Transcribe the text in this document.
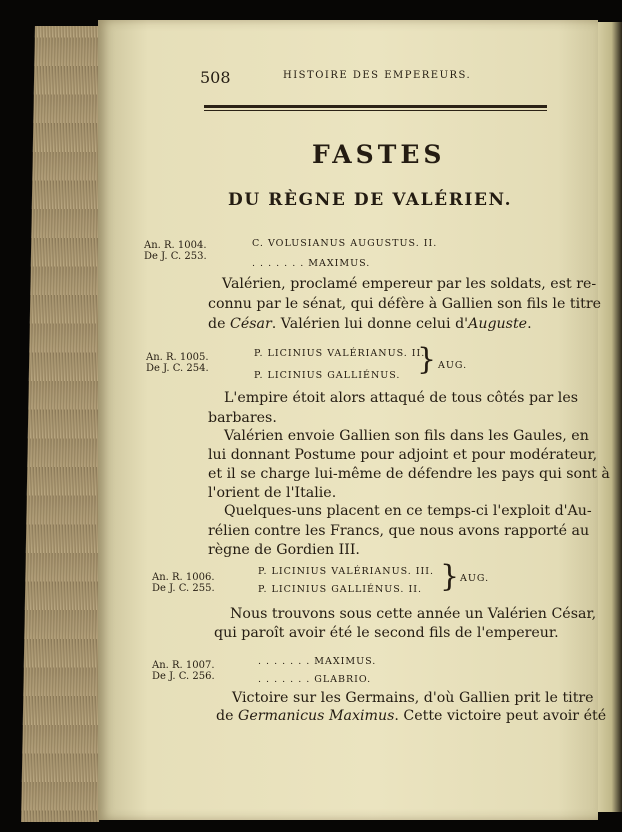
508	HISTOIRE DES EMPEREURS.
FASTES
DU RÈGNE DE VALÉRIEN.
An. R. 1004.
De J. C. 253.
C. VOLUSIANUS AUGUSTUS. II.
. . . . . . . MAXIMUS.
Valérien, proclamé empereur par les soldats, est re-
connu par le sénat, qui défère à Gallien son fils le titre
de César. Valérien lui donne celui d'Auguste.
An. R. 1005.
De J. C. 254.
P. LICINIUS VALÉRIANUS. II.
P. LICINIUS GALLIÉNUS. } AUG.
L'empire étoit alors attaqué de tous côtés par les
barbares.
Valérien envoie Gallien son fils dans les Gaules, en
lui donnant Postume pour adjoint et pour modérateur,
et il se charge lui-même de défendre les pays qui sont à
l'orient de l'Italie.
Quelques-uns placent en ce temps-ci l'exploit d'Au-
rélien contre les Francs, que nous avons rapporté au
règne de Gordien III.
An. R. 1006.
De J. C. 255.
P. LICINIUS VALÉRIANUS. III.
P. LICINIUS GALLIÉNUS. II. } AUG.
Nous trouvons sous cette année un Valérien César,
qui paroît avoir été le second fils de l'empereur.
An. R. 1007.
De J. C. 256.
. . . . . . . MAXIMUS.
. . . . . . . GLABRIO.
Victoire sur les Germains, d'où Gallien prit le titre
de Germanicus Maximus. Cette victoire peut avoir été
